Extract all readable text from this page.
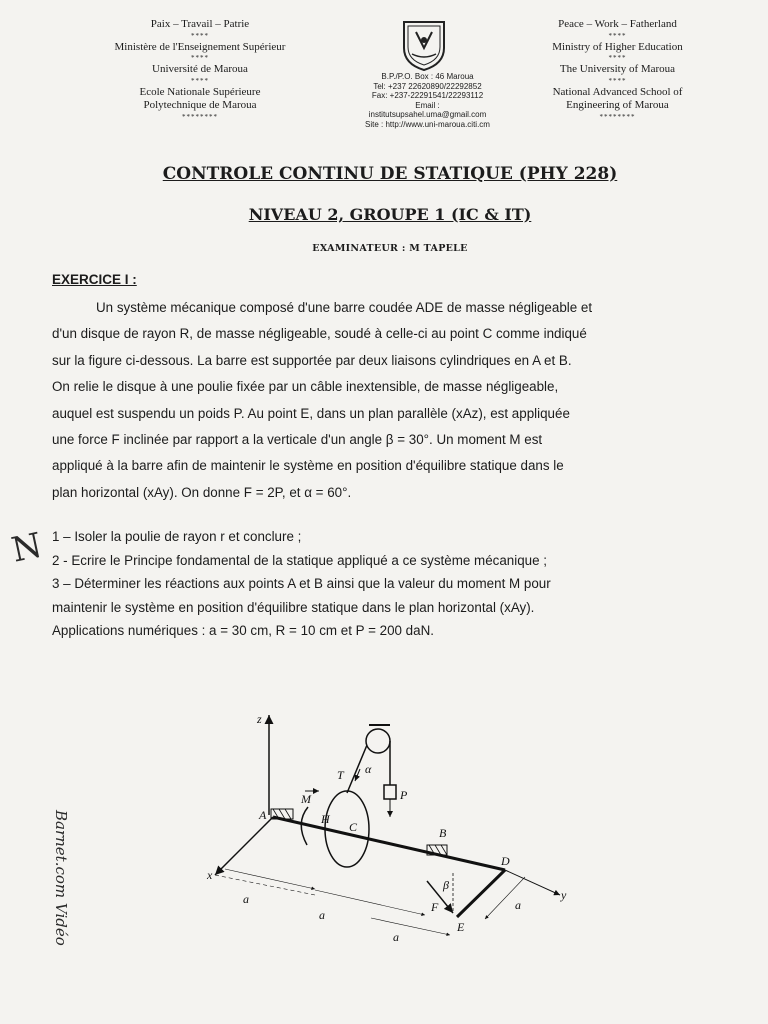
Paix – Travail – Patrie
****
Ministère de l'Enseignement Supérieur
****
Université de Maroua
****
Ecole Nationale Supérieure
Polytechnique de Maroua
********
B.P./P.O. Box : 46 Maroua
Tel: +237 22620890/22292852
Fax: +237-22291541/22293112
Email :
institutsupsahel.uma@gmail.com
Site : http://www.uni-maroua.citi.cm
Peace – Work – Fatherland
****
Ministry of Higher Education
****
The University of Maroua
****
National Advanced School of
Engineering of Maroua
********
CONTROLE CONTINU DE STATIQUE (PHY 228)
NIVEAU 2, GROUPE 1 (IC & IT)
EXAMINATEUR : M TAPELE
EXERCICE I :
Un système mécanique composé d'une barre coudée ADE de masse négligeable et
d'un disque de rayon R, de masse négligeable, soudé à celle-ci au point C comme indiqué
sur la figure ci-dessous. La barre est supportée par deux liaisons cylindriques en A et B.
On relie le disque à une poulie fixée par un câble inextensible, de masse négligeable,
auquel est suspendu un poids P. Au point E, dans un plan parallèle (xAz), est appliquée
une force F inclinée par rapport a la verticale d'un angle β = 30°. Un moment M est
appliqué à la barre afin de maintenir le système en position d'équilibre statique dans le
plan horizontal (xAy). On donne F = 2P, et α = 60°.
1 – Isoler la poulie de rayon r et conclure ;
2 - Ecrire le Principe fondamental de la statique appliqué a ce système mécanique ;
3 – Déterminer les réactions aux points A et B ainsi que la valeur du moment M pour
maintenir le système en position d'équilibre statique dans le plan horizontal (xAy).
Applications numériques : a = 30 cm, R = 10 cm et P = 200 daN.
N
Barnet.com Vidéo
z
x
y
A	H
C	B
D
E
T α
P
M
F
β
a
a
a
a
